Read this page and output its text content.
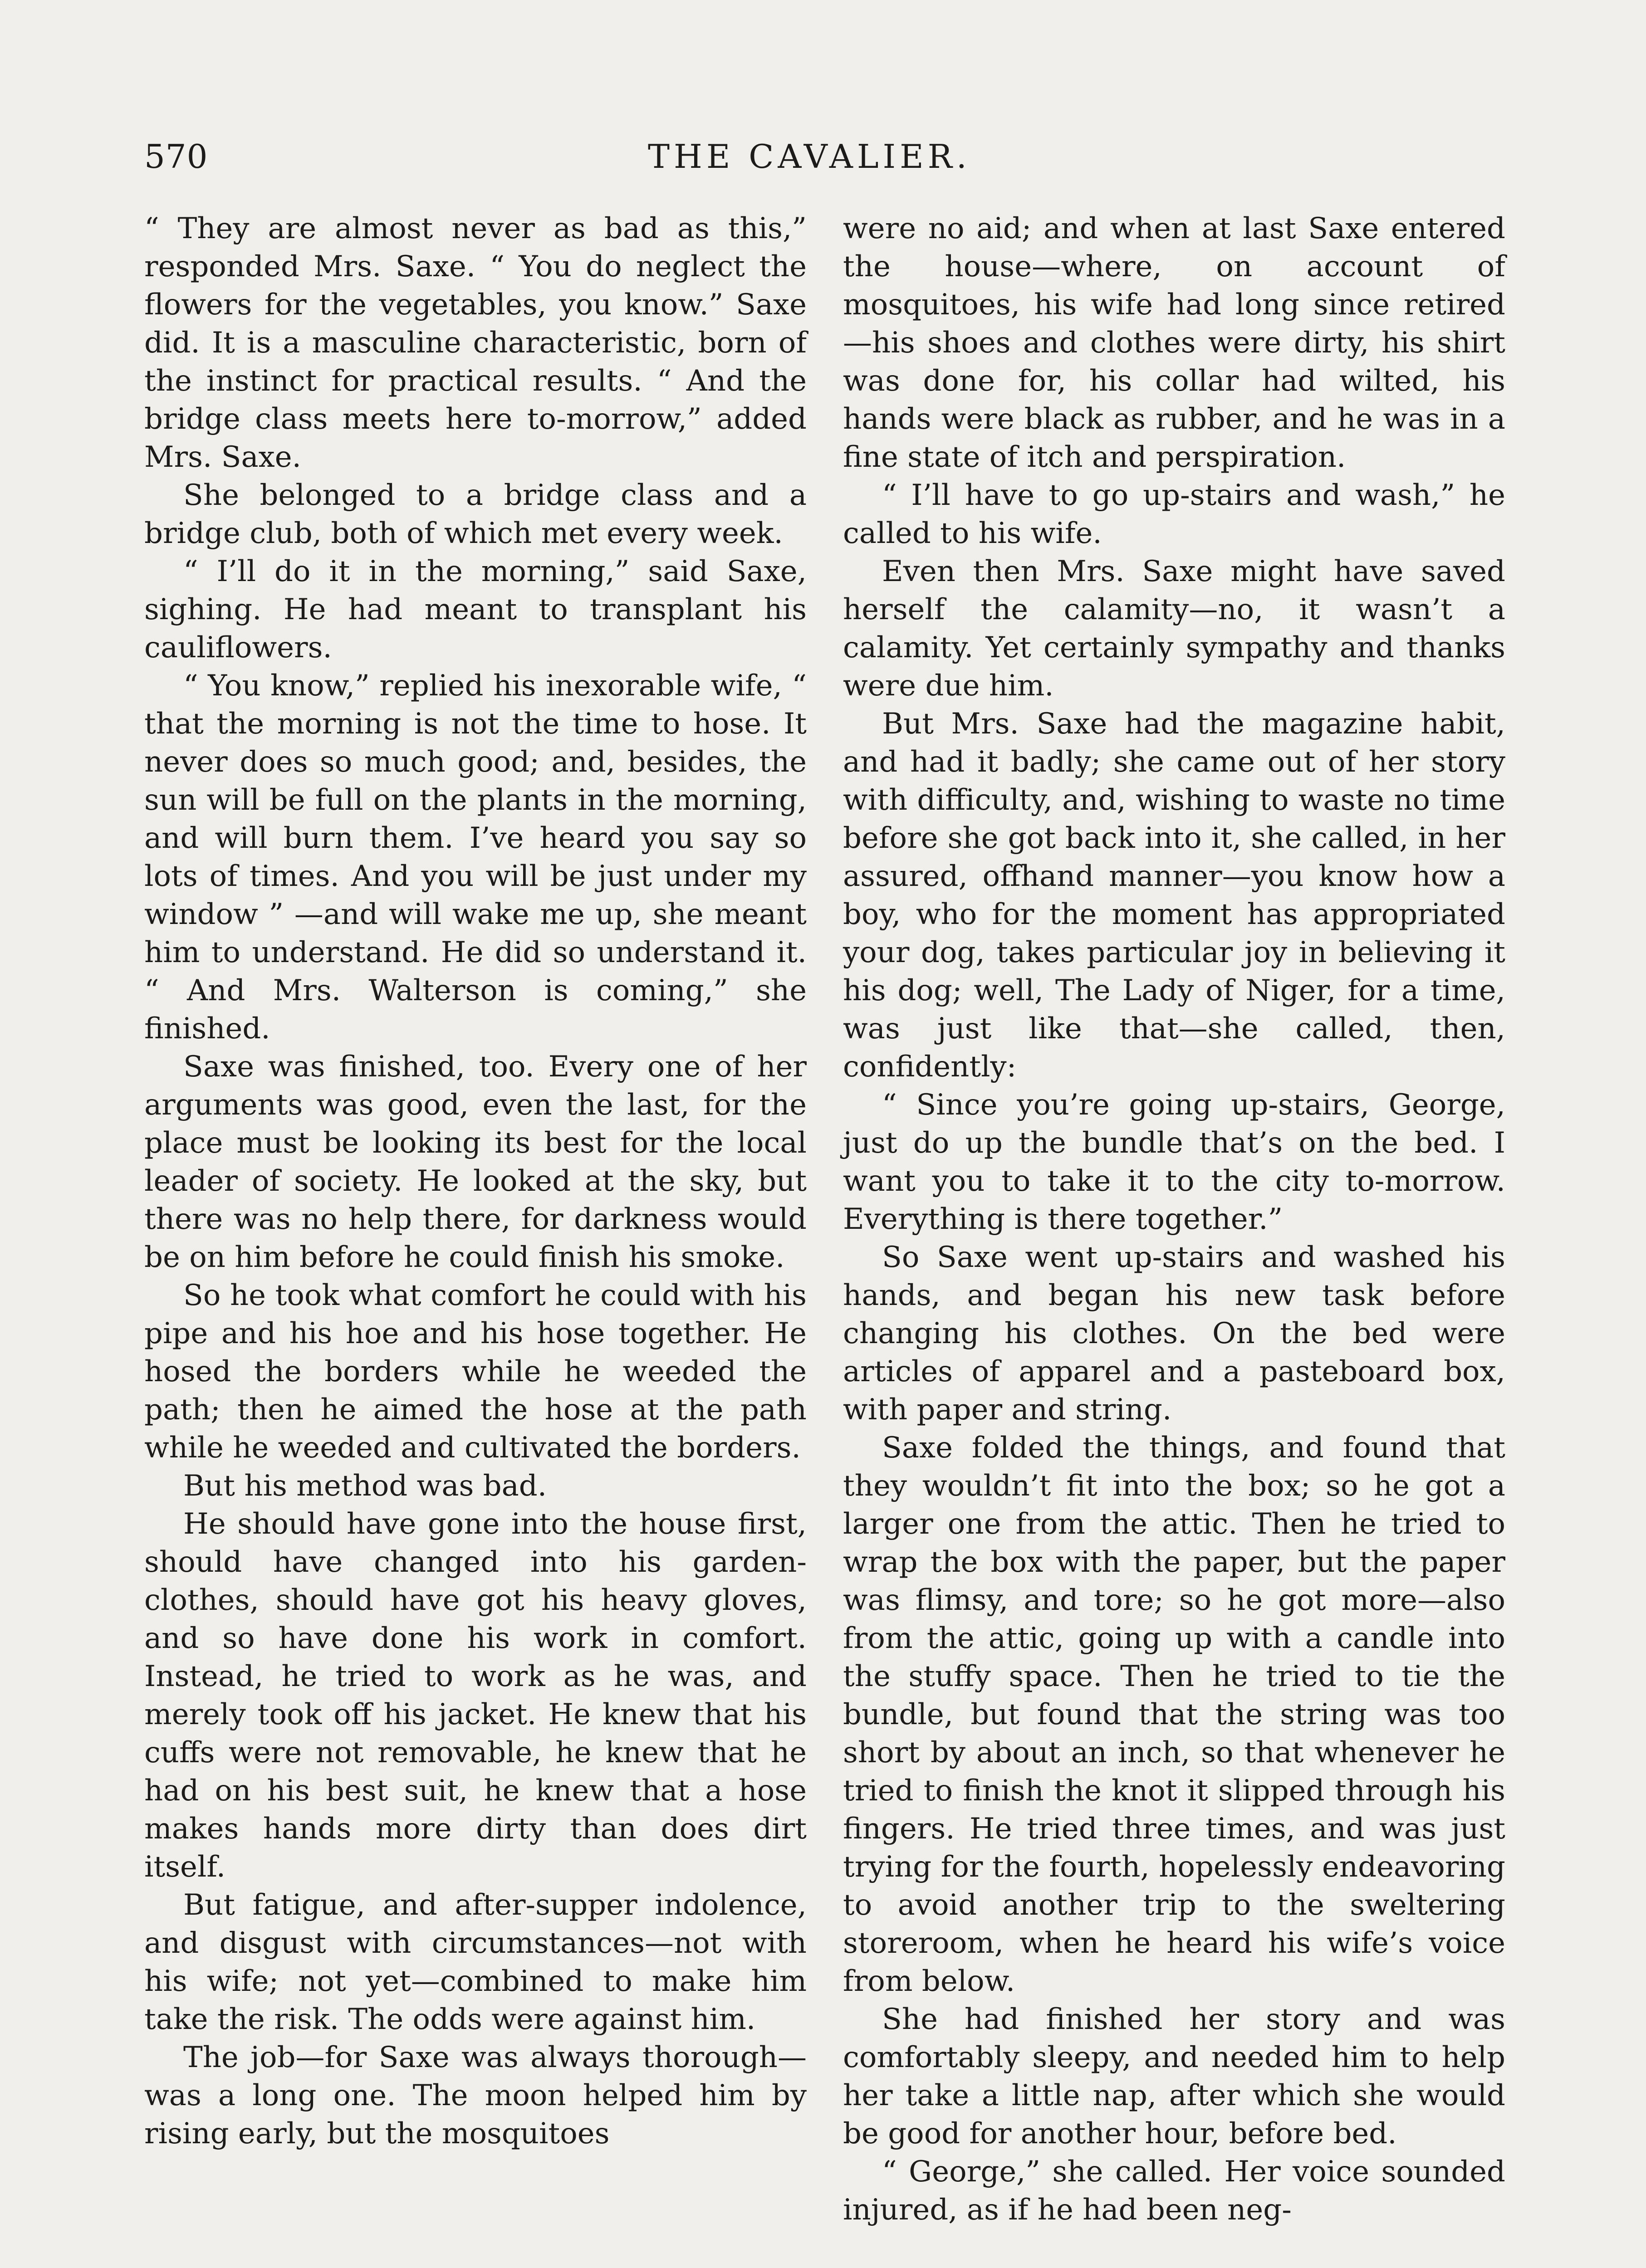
570	THE CAVALIER.

“ They are almost never as bad as this,” responded Mrs. Saxe. “ You do neglect the flowers for the vegetables, you know.” Saxe did. It is a masculine characteristic, born of the instinct for practical results. “ And the bridge class meets here to-morrow,” added Mrs. Saxe.

She belonged to a bridge class and a bridge club, both of which met every week.

“ I’ll do it in the morning,” said Saxe, sighing. He had meant to transplant his cauliflowers.

“ You know,” replied his inexorable wife, “ that the morning is not the time to hose. It never does so much good; and, besides, the sun will be full on the plants in the morning, and will burn them. I’ve heard you say so lots of times. And you will be just under my window ” —and will wake me up, she meant him to understand. He did so understand it. “ And Mrs. Walterson is coming,” she finished.

Saxe was finished, too. Every one of her arguments was good, even the last, for the place must be looking its best for the local leader of society. He looked at the sky, but there was no help there, for darkness would be on him before he could finish his smoke.

So he took what comfort he could with his pipe and his hoe and his hose together. He hosed the borders while he weeded the path; then he aimed the hose at the path while he weeded and cultivated the borders.

But his method was bad.

He should have gone into the house first, should have changed into his garden-clothes, should have got his heavy gloves, and so have done his work in comfort. Instead, he tried to work as he was, and merely took off his jacket. He knew that his cuffs were not removable, he knew that he had on his best suit, he knew that a hose makes hands more dirty than does dirt itself.

But fatigue, and after-supper indolence, and disgust with circumstances—not with his wife; not yet—combined to make him take the risk. The odds were against him.

The job—for Saxe was always thorough—was a long one. The moon helped him by rising early, but the mosquitoes

were no aid; and when at last Saxe entered the house—where, on account of mosquitoes, his wife had long since retired—his shoes and clothes were dirty, his shirt was done for, his collar had wilted, his hands were black as rubber, and he was in a fine state of itch and perspiration.

“ I’ll have to go up-stairs and wash,” he called to his wife.

Even then Mrs. Saxe might have saved herself the calamity—no, it wasn’t a calamity. Yet certainly sympathy and thanks were due him.

But Mrs. Saxe had the magazine habit, and had it badly; she came out of her story with difficulty, and, wishing to waste no time before she got back into it, she called, in her assured, offhand manner—you know how a boy, who for the moment has appropriated your dog, takes particular joy in believing it his dog; well, The Lady of Niger, for a time, was just like that—she called, then, confidently:

“ Since you’re going up-stairs, George, just do up the bundle that’s on the bed. I want you to take it to the city to-morrow. Everything is there together.”

So Saxe went up-stairs and washed his hands, and began his new task before changing his clothes. On the bed were articles of apparel and a pasteboard box, with paper and string.

Saxe folded the things, and found that they wouldn’t fit into the box; so he got a larger one from the attic. Then he tried to wrap the box with the paper, but the paper was flimsy, and tore; so he got more—also from the attic, going up with a candle into the stuffy space. Then he tried to tie the bundle, but found that the string was too short by about an inch, so that whenever he tried to finish the knot it slipped through his fingers. He tried three times, and was just trying for the fourth, hopelessly endeavoring to avoid another trip to the sweltering storeroom, when he heard his wife’s voice from below.

She had finished her story and was comfortably sleepy, and needed him to help her take a little nap, after which she would be good for another hour, before bed.

“ George,” she called. Her voice sounded injured, as if he had been neg-
